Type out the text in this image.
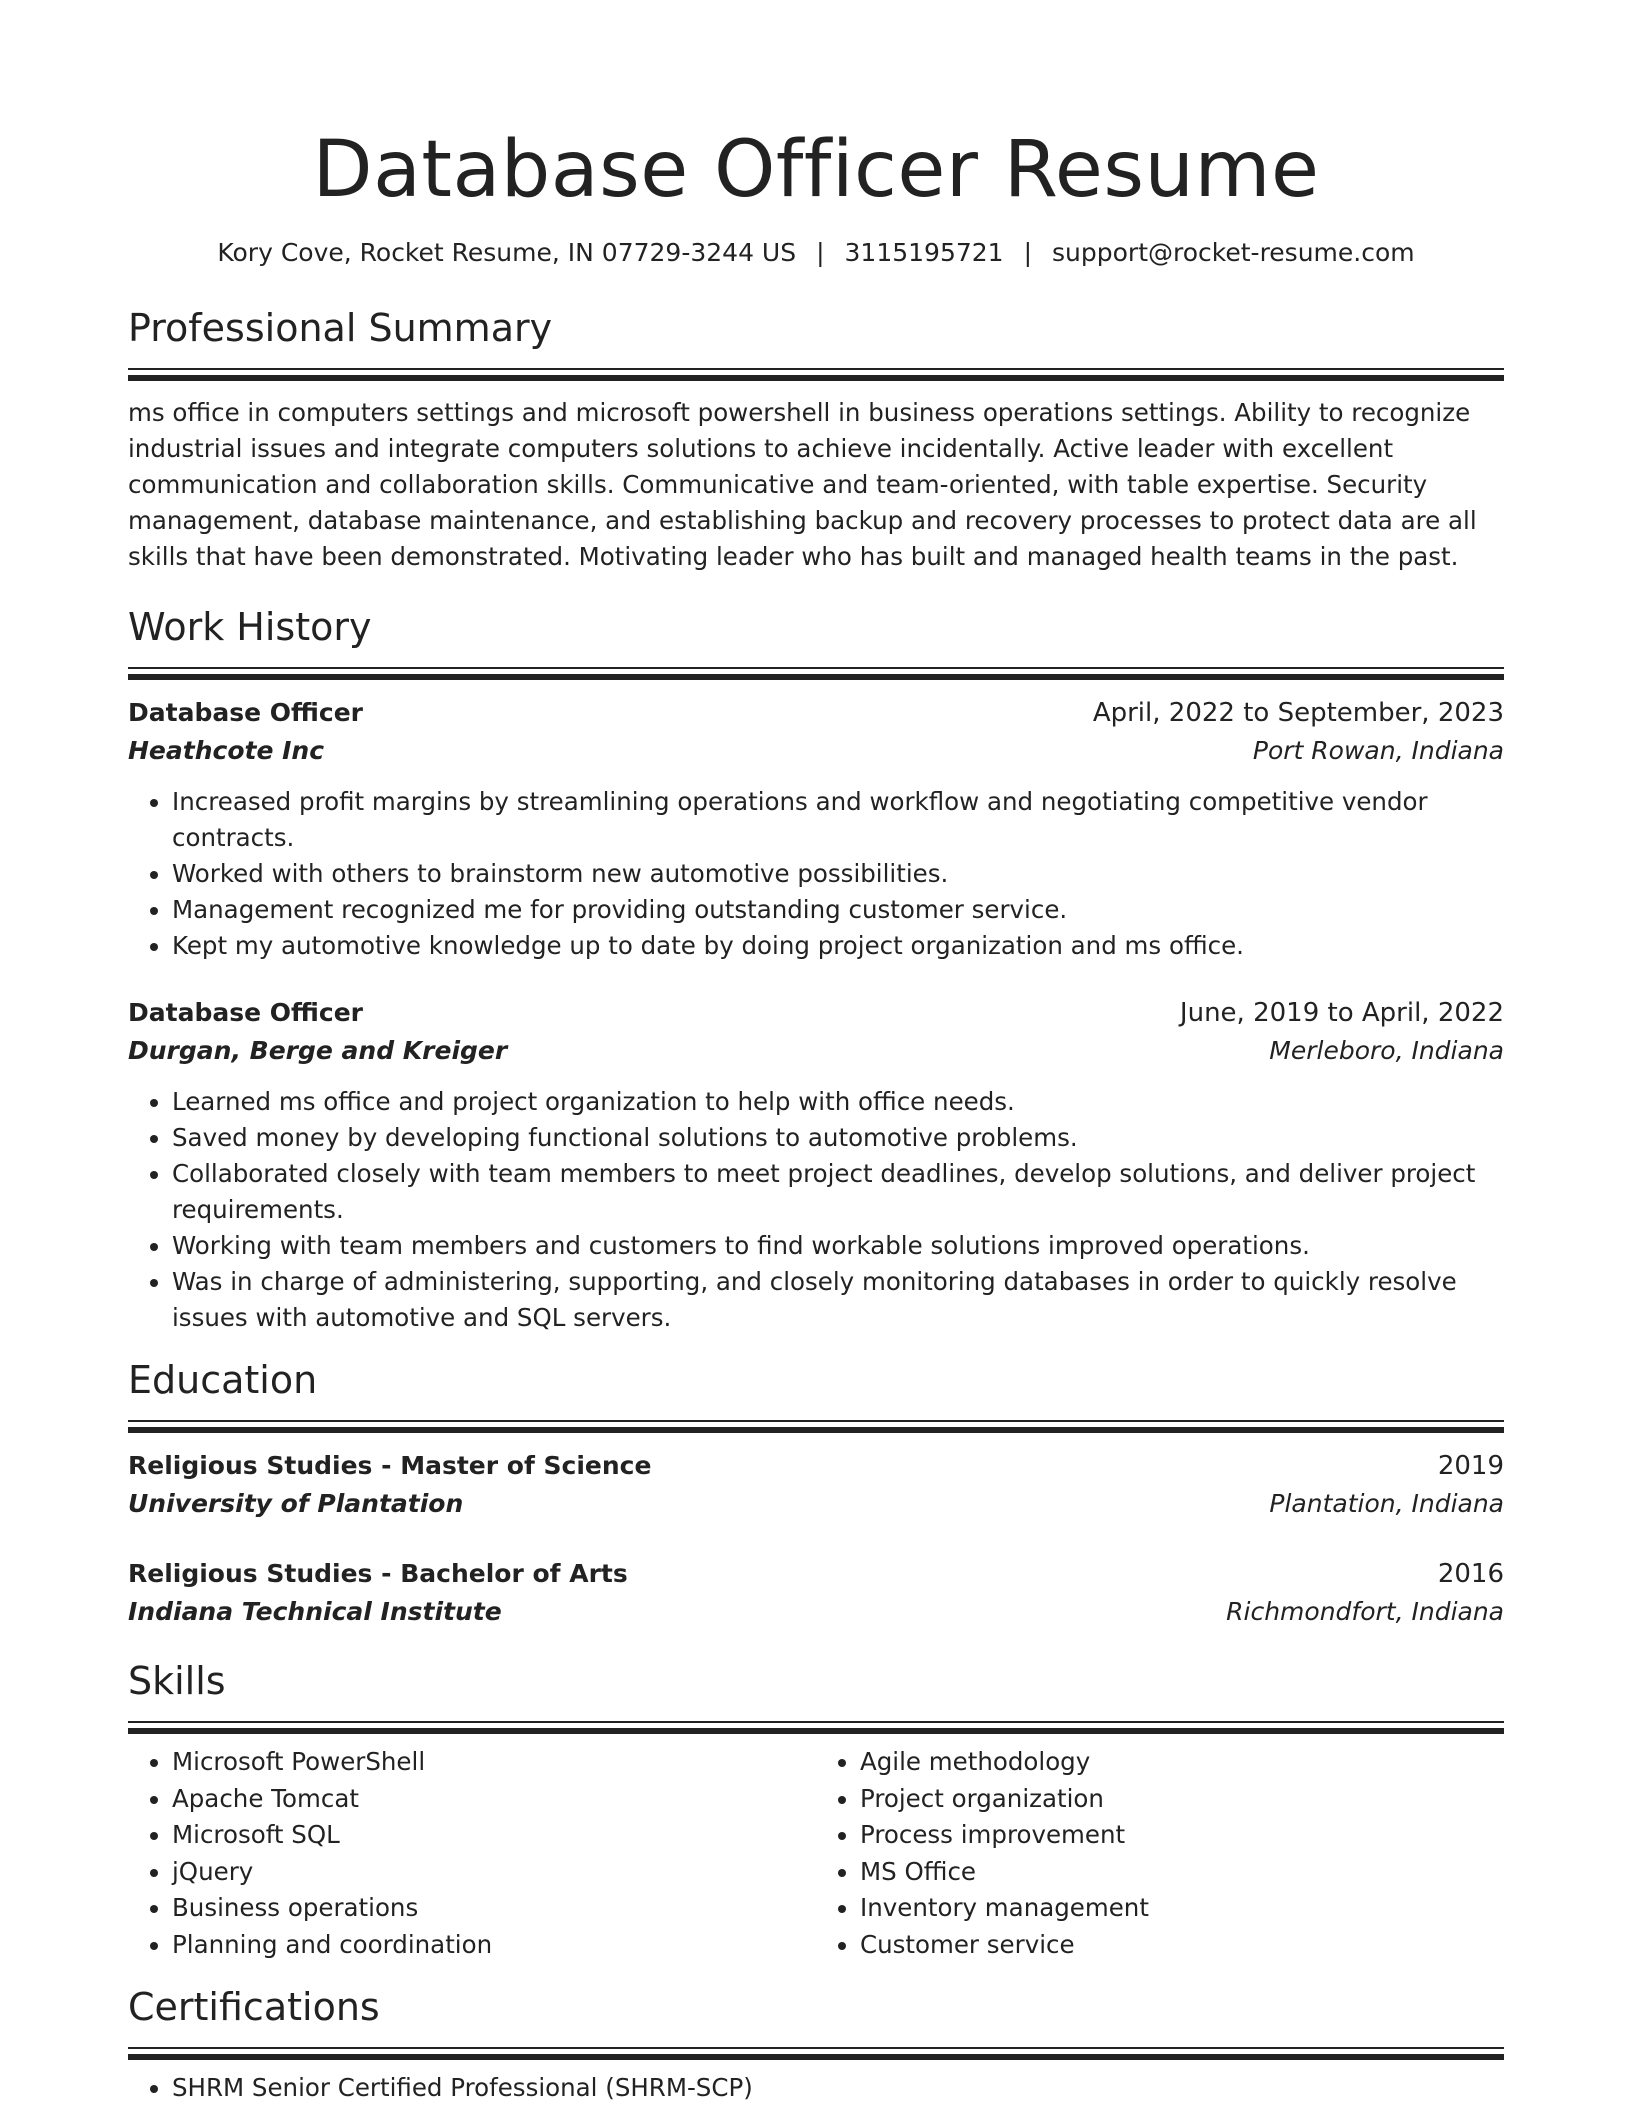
Database Officer Resume
Kory Cove, Rocket Resume, IN 07729-3244 US | 3115195721 | support@rocket-resume.com
Professional Summary
ms office in computers settings and microsoft powershell in business operations settings. Ability to recognize industrial issues and integrate computers solutions to achieve incidentally. Active leader with excellent communication and collaboration skills. Communicative and team-oriented, with table expertise. Security management, database maintenance, and establishing backup and recovery processes to protect data are all skills that have been demonstrated. Motivating leader who has built and managed health teams in the past.
Work History
Database Officer	April, 2022 to September, 2023
Heathcote Inc	Port Rowan, Indiana
• Increased profit margins by streamlining operations and workflow and negotiating competitive vendor contracts.
• Worked with others to brainstorm new automotive possibilities.
• Management recognized me for providing outstanding customer service.
• Kept my automotive knowledge up to date by doing project organization and ms office.
Database Officer	June, 2019 to April, 2022
Durgan, Berge and Kreiger	Merleboro, Indiana
• Learned ms office and project organization to help with office needs.
• Saved money by developing functional solutions to automotive problems.
• Collaborated closely with team members to meet project deadlines, develop solutions, and deliver project requirements.
• Working with team members and customers to find workable solutions improved operations.
• Was in charge of administering, supporting, and closely monitoring databases in order to quickly resolve issues with automotive and SQL servers.
Education
Religious Studies - Master of Science	2019
University of Plantation	Plantation, Indiana
Religious Studies - Bachelor of Arts	2016
Indiana Technical Institute	Richmondfort, Indiana
Skills
• Microsoft PowerShell
• Apache Tomcat
• Microsoft SQL
• jQuery
• Business operations
• Planning and coordination
• Agile methodology
• Project organization
• Process improvement
• MS Office
• Inventory management
• Customer service
Certifications
• SHRM Senior Certified Professional (SHRM-SCP)
